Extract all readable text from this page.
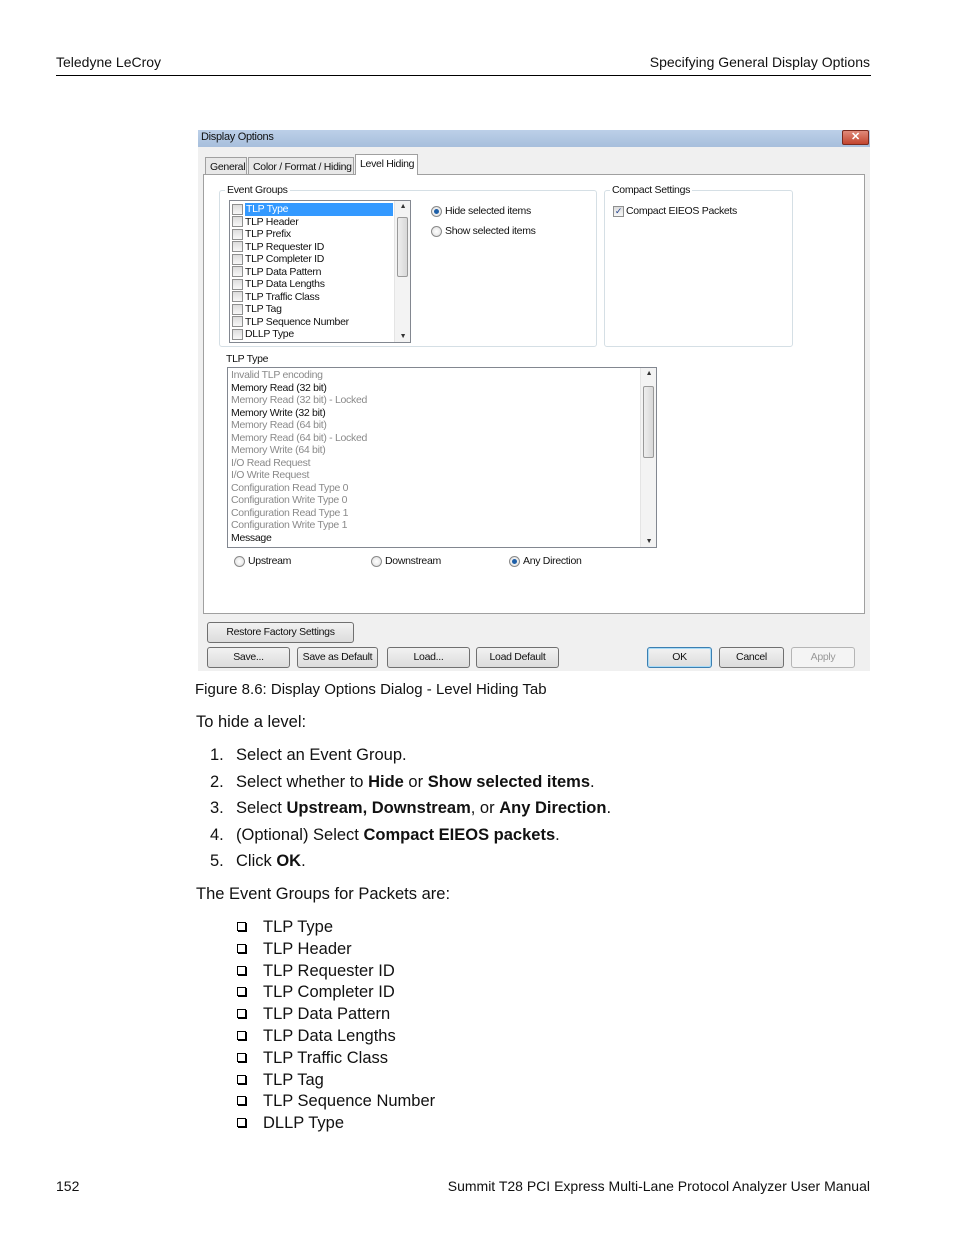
Teledyne LeCroy	Specifying General Display Options
Display Options	✕
General Color / Format / Hiding Level Hiding
Event Groups
▲
▼
TLP Type
TLP Header
TLP Prefix
TLP Requester ID
TLP Completer ID
TLP Data Pattern
TLP Data Lengths
TLP Traffic Class
TLP Tag
TLP Sequence Number
DLLP Type
Hide selected items
Show selected items
Compact Settings
✓ Compact EIEOS Packets
TLP Type
▲
▼
Invalid TLP encoding
Memory Read (32 bit)
Memory Read (32 bit) - Locked
Memory Write (32 bit)
Memory Read (64 bit)
Memory Read (64 bit) - Locked
Memory Write (64 bit)
I/O Read Request
I/O Write Request
Configuration Read Type 0
Configuration Write Type 0
Configuration Read Type 1
Configuration Write Type 1
Message
Upstream	Downstream	Any Direction
Restore Factory Settings
Save...	Save as Default	Load...	Load Default	OK	Cancel	Apply
Figure 8.6: Display Options Dialog - Level Hiding Tab
To hide a level:
1. Select an Event Group.
2. Select whether to Hide or Show selected items.
3. Select Upstream, Downstream, or Any Direction.
4. (Optional) Select Compact EIEOS packets.
5. Click OK.
The Event Groups for Packets are:
TLP Type
TLP Header
TLP Requester ID
TLP Completer ID
TLP Data Pattern
TLP Data Lengths
TLP Traffic Class
TLP Tag
TLP Sequence Number
DLLP Type
152	Summit T28 PCI Express Multi-Lane Protocol Analyzer User Manual
